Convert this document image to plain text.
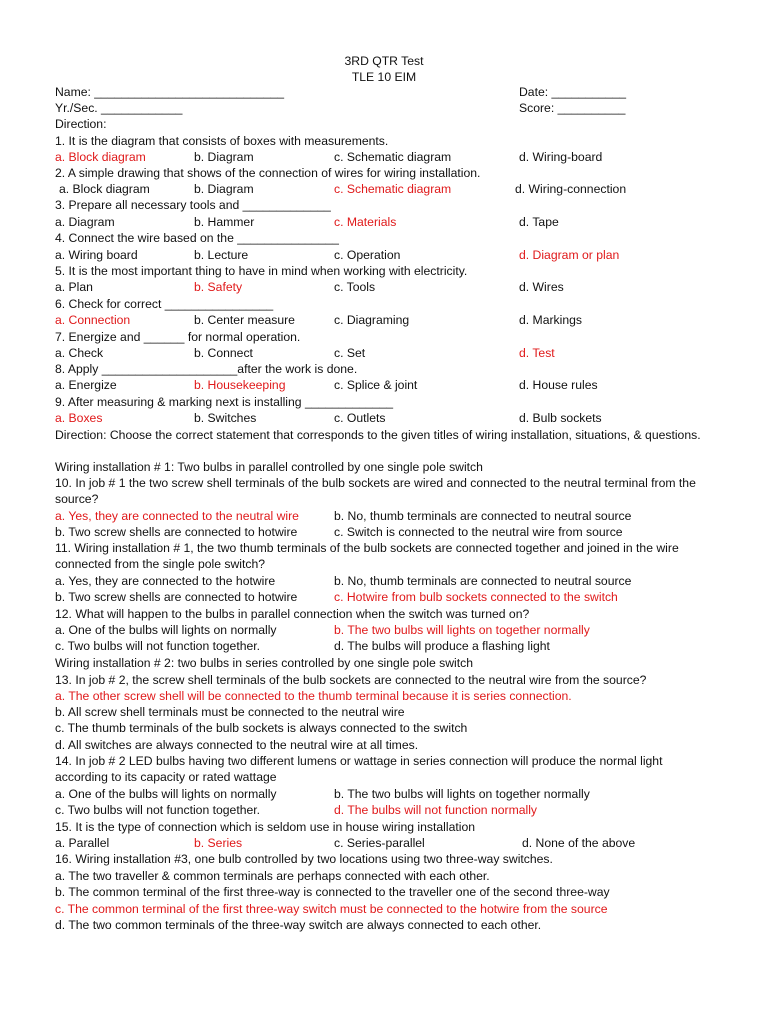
3RD QTR Test
TLE 10 EIM
Name: ____________________________	Date: ___________
Yr./Sec. ____________	Score: __________
Direction:
1. It is the diagram that consists of boxes with measurements.
a. Block diagram	b. Diagram	c. Schematic diagram	d. Wiring-board
2. A simple drawing that shows of the connection of wires for wiring installation.
a. Block diagram	b. Diagram	c. Schematic diagram	d. Wiring-connection
3. Prepare all necessary tools and _____________
a. Diagram	b. Hammer	c. Materials	d. Tape
4. Connect the wire based on the _______________
a. Wiring board	b. Lecture	c. Operation	d. Diagram or plan
5. It is the most important thing to have in mind when working with electricity.
a. Plan	b. Safety	c. Tools	d. Wires
6. Check for correct ________________
a. Connection	b. Center measure	c. Diagraming	d. Markings
7. Energize and ______ for normal operation.
a. Check	b. Connect	c. Set	d. Test
8. Apply ____________________after the work is done.
a. Energize	b. Housekeeping	c. Splice & joint	d. House rules
9. After measuring & marking next is installing _____________
a. Boxes	b. Switches	c. Outlets	d. Bulb sockets
Direction: Choose the correct statement that corresponds to the given titles of wiring installation, situations, & questions.
Wiring installation # 1: Two bulbs in parallel controlled by one single pole switch
10. In job # 1 the two screw shell terminals of the bulb sockets are wired and connected to the neutral terminal from the source?
a. Yes, they are connected to the neutral wire	b. No, thumb terminals are connected to neutral source
b. Two screw shells are connected to hotwire	c. Switch is connected to the neutral wire from source
11. Wiring installation # 1, the two thumb terminals of the bulb sockets are connected together and joined in the wire connected from the single pole switch?
a. Yes, they are connected to the hotwire	b. No, thumb terminals are connected to neutral source
b. Two screw shells are connected to hotwire	c. Hotwire from bulb sockets connected to the switch
12. What will happen to the bulbs in parallel connection when the switch was turned on?
a. One of the bulbs will lights on normally	b. The two bulbs will lights on together normally
c. Two bulbs will not function together.	d. The bulbs will produce a flashing light
Wiring installation # 2: two bulbs in series controlled by one single pole switch
13. In job # 2, the screw shell terminals of the bulb sockets are connected to the neutral wire from the source?
a. The other screw shell will be connected to the thumb terminal because it is series connection.
b. All screw shell terminals must be connected to the neutral wire
c. The thumb terminals of the bulb sockets is always connected to the switch
d. All switches are always connected to the neutral wire at all times.
14. In job # 2 LED bulbs having two different lumens or wattage in series connection will produce the normal light according to its capacity or rated wattage
a. One of the bulbs will lights on normally	b. The two bulbs will lights on together normally
c. Two bulbs will not function together.	d. The bulbs will not function normally
15. It is the type of connection which is seldom use in house wiring installation
a. Parallel	b. Series	c. Series-parallel	d. None of the above
16. Wiring installation #3, one bulb controlled by two locations using two three-way switches.
a. The two traveller & common terminals are perhaps connected with each other.
b. The common terminal of the first three-way is connected to the traveller one of the second three-way
c. The common terminal of the first three-way switch must be connected to the hotwire from the source
d. The two common terminals of the three-way switch are always connected to each other.
